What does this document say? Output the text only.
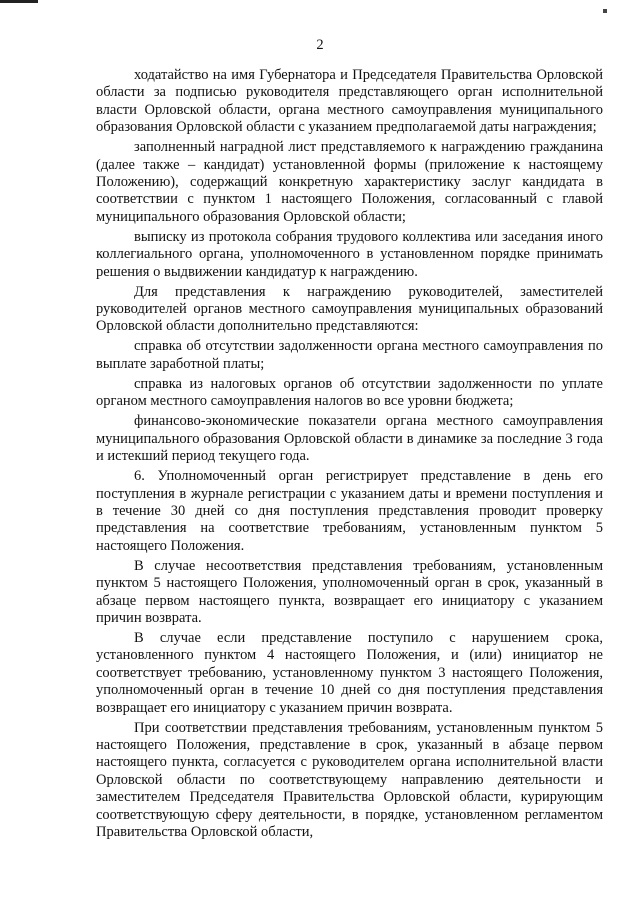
2

ходатайство на имя Губернатора и Председателя Правительства Орловской области за подписью руководителя представляющего орган исполнительной власти Орловской области, органа местного самоуправления муниципального образования Орловской области с указанием предполагаемой даты награждения;

заполненный наградной лист представляемого к награждению гражданина (далее также – кандидат) установленной формы (приложение к настоящему Положению), содержащий конкретную характеристику заслуг кандидата в соответствии с пунктом 1 настоящего Положения, согласованный с главой муниципального образования Орловской области;

выписку из протокола собрания трудового коллектива или заседания иного коллегиального органа, уполномоченного в установленном порядке принимать решения о выдвижении кандидатур к награждению.

Для представления к награждению руководителей, заместителей руководителей органов местного самоуправления муниципальных образований Орловской области дополнительно представляются:

справка об отсутствии задолженности органа местного самоуправления по выплате заработной платы;

справка из налоговых органов об отсутствии задолженности по уплате органом местного самоуправления налогов во все уровни бюджета;

финансово-экономические показатели органа местного самоуправления муниципального образования Орловской области в динамике за последние 3 года и истекший период текущего года.

6. Уполномоченный орган регистрирует представление в день его поступления в журнале регистрации с указанием даты и времени поступления и в течение 30 дней со дня поступления представления проводит проверку представления на соответствие требованиям, установленным пунктом 5 настоящего Положения.

В случае несоответствия представления требованиям, установленным пунктом 5 настоящего Положения, уполномоченный орган в срок, указанный в абзаце первом настоящего пункта, возвращает его инициатору с указанием причин возврата.

В случае если представление поступило с нарушением срока, установленного пунктом 4 настоящего Положения, и (или) инициатор не соответствует требованию, установленному пунктом 3 настоящего Положения, уполномоченный орган в течение 10 дней со дня поступления представления возвращает его инициатору с указанием причин возврата.

При соответствии представления требованиям, установленным пунктом 5 настоящего Положения, представление в срок, указанный в абзаце первом настоящего пункта, согласуется с руководителем органа исполнительной власти Орловской области по соответствующему направлению деятельности и заместителем Председателя Правительства Орловской области, курирующим соответствующую сферу деятельности, в порядке, установленном регламентом Правительства Орловской области,
